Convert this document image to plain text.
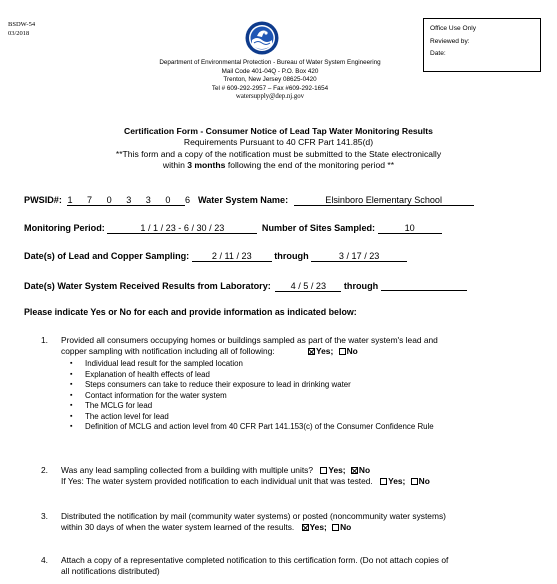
BSDW-54
03/2018
Office Use Only
Reviewed by:
Date:
Department of Environmental Protection - Bureau of Water System Engineering
Mail Code 401-04Q - P.O. Box 420
Trenton, New Jersey 08625-0420
Tel # 609-292-2957 – Fax #609-292-1654
watersupply@dep.nj.gov
Certification Form - Consumer Notice of Lead Tap Water Monitoring Results
Requirements Pursuant to 40 CFR Part 141.85(d)
**This form and a copy of the notification must be submitted to the State electronically
within 3 months following the end of the monitoring period **
PWSID#: 1 7 0 3 3 0 6 Water System Name:	Elsinboro Elementary School
Monitoring Period:	1 / 1 / 23 - 6 / 30 / 23	Number of Sites Sampled:	10
Date(s) of Lead and Copper Sampling: 2 / 11 / 23 through	3 / 17 / 23
Date(s) Water System Received Results from Laboratory: 4 / 5 / 23 through
Please indicate Yes or No for each and provide information as indicated below:
1. Provided all consumers occupying homes or buildings sampled as part of the water system's lead and
copper sampling with notification including all of following:	Yes; No
▪ Individual lead result for the sampled location
▪ Explanation of health effects of lead
▪ Steps consumers can take to reduce their exposure to lead in drinking water
▪ Contact information for the water system
▪ The MCLG for lead
▪ The action level for lead
▪ Definition of MCLG and action level from 40 CFR Part 141.153(c) of the Consumer Confidence Rule
2. Was any lead sampling collected from a building with multiple units? Yes; No
If Yes: The water system provided notification to each individual unit that was tested. Yes; No
3. Distributed the notification by mail (community water systems) or posted (noncommunity water systems)
within 30 days of when the water system learned of the results. Yes; No
4. Attach a copy of a representative completed notification to this certification form. (Do not attach copies of
all notifications distributed)
